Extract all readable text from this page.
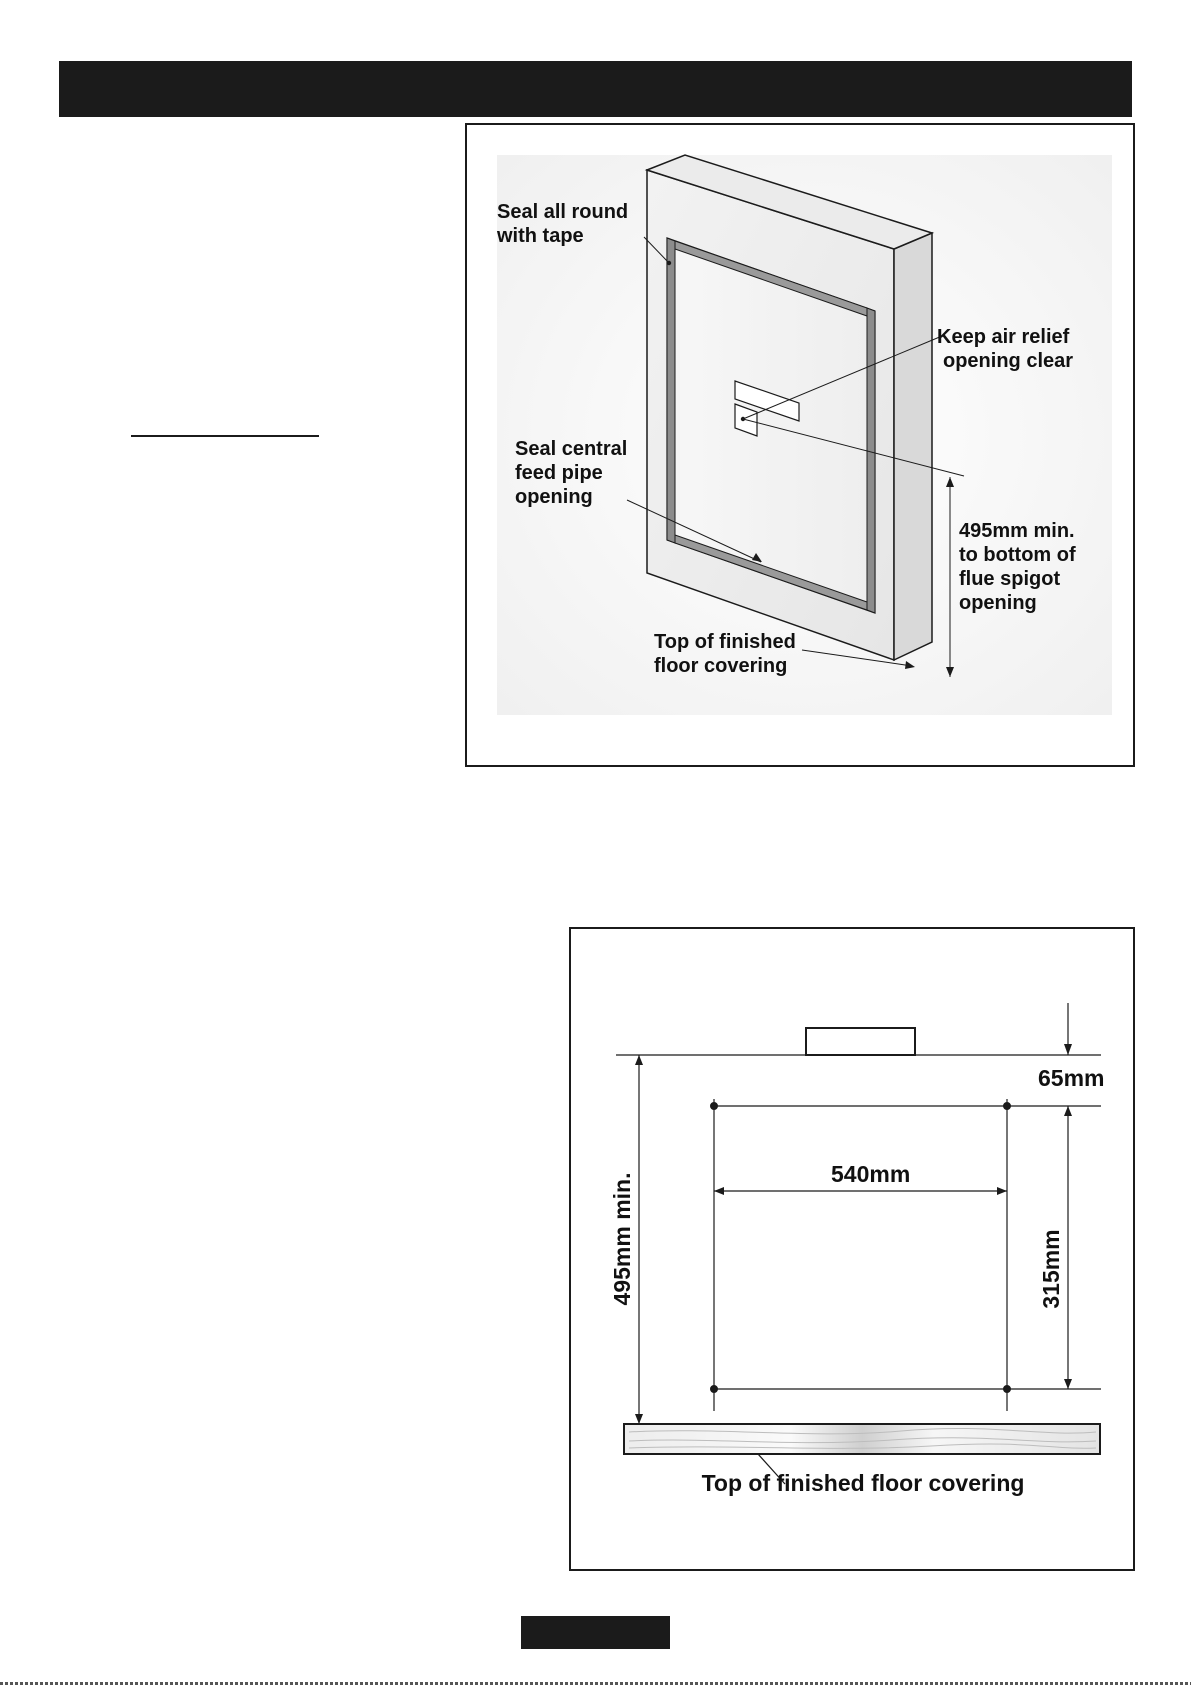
Seal all round with tape
Keep air relief opening clear
Seal central feed pipe opening
495mm min. to bottom of flue spigot opening
Top of finished floor covering
65mm
540mm
315mm
495mm min.
Top of finished floor covering
